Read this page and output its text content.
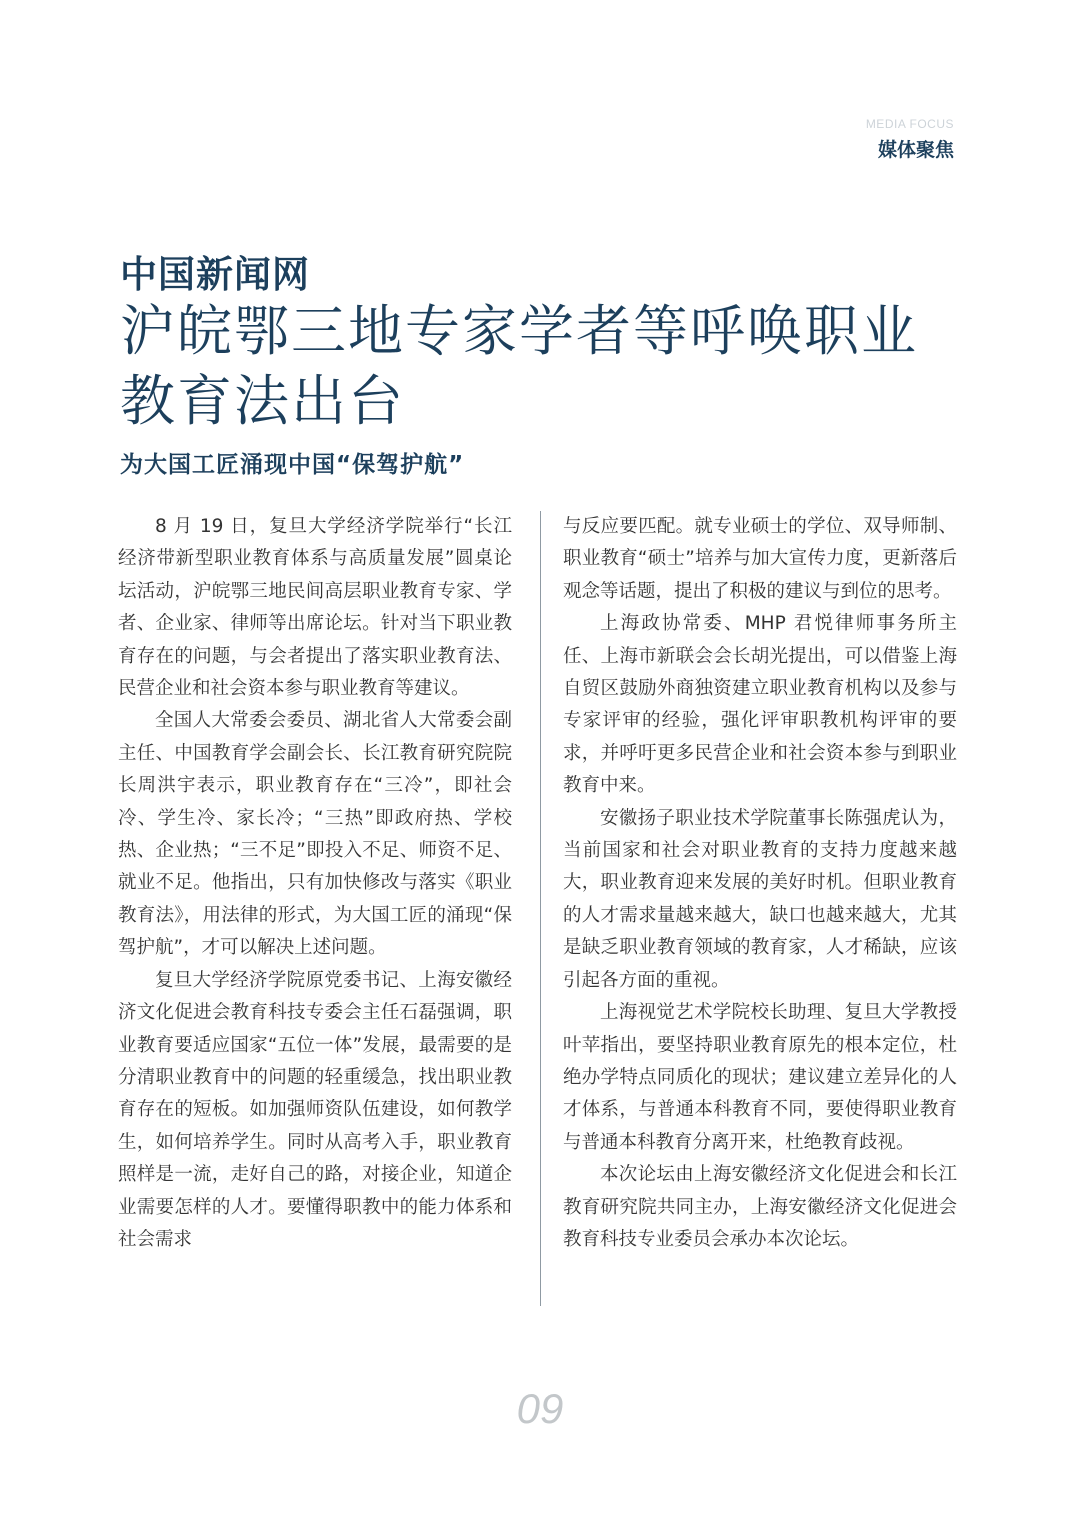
MEDIA FOCUS
媒体聚焦
中国新闻网
沪皖鄂三地专家学者等呼唤职业教育法出台
为大国工匠涌现中国“保驾护航”

8 月 19 日，复旦大学经济学院举行“长江经济带新型职业教育体系与高质量发展”圆桌论坛活动，沪皖鄂三地民间高层职业教育专家、学者、企业家、律师等出席论坛。针对当下职业教育存在的问题，与会者提出了落实职业教育法、民营企业和社会资本参与职业教育等建议。

全国人大常委会委员、湖北省人大常委会副主任、中国教育学会副会长、长江教育研究院院长周洪宇表示，职业教育存在“三冷”，即社会冷、学生冷、家长冷；“三热”即政府热、学校热、企业热；“三不足”即投入不足、师资不足、就业不足。他指出，只有加快修改与落实《职业教育法》，用法律的形式，为大国工匠的涌现“保驾护航”，才可以解决上述问题。

复旦大学经济学院原党委书记、上海安徽经济文化促进会教育科技专委会主任石磊强调，职业教育要适应国家“五位一体”发展，最需要的是分清职业教育中的问题的轻重缓急，找出职业教育存在的短板。如加强师资队伍建设，如何教学生，如何培养学生。同时从高考入手，职业教育照样是一流，走好自己的路，对接企业，知道企业需要怎样的人才。要懂得职教中的能力体系和社会需求

与反应要匹配。就专业硕士的学位、双导师制、职业教育“硕士”培养与加大宣传力度，更新落后观念等话题，提出了积极的建议与到位的思考。

上海政协常委、MHP 君悦律师事务所主任、上海市新联会会长胡光提出，可以借鉴上海自贸区鼓励外商独资建立职业教育机构以及参与专家评审的经验，强化评审职教机构评审的要求，并呼吁更多民营企业和社会资本参与到职业教育中来。

安徽扬子职业技术学院董事长陈强虎认为，当前国家和社会对职业教育的支持力度越来越大，职业教育迎来发展的美好时机。但职业教育的人才需求量越来越大，缺口也越来越大，尤其是缺乏职业教育领域的教育家，人才稀缺，应该引起各方面的重视。

上海视觉艺术学院校长助理、复旦大学教授叶苹指出，要坚持职业教育原先的根本定位，杜绝办学特点同质化的现状；建议建立差异化的人才体系，与普通本科教育不同，要使得职业教育与普通本科教育分离开来，杜绝教育歧视。

本次论坛由上海安徽经济文化促进会和长江教育研究院共同主办，上海安徽经济文化促进会教育科技专业委员会承办本次论坛。

09
